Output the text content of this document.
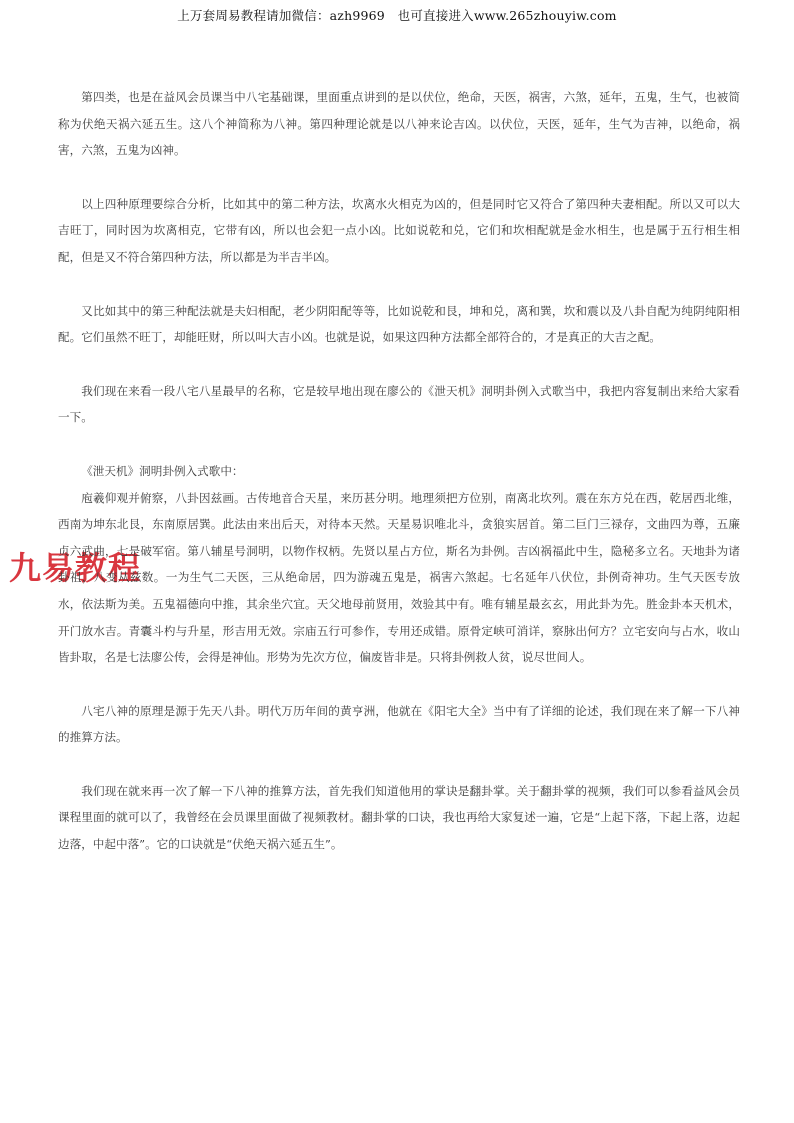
上万套周易教程请加微信：azh9969　也可直接进入www.265zhouyiw.com
九易教程

第四类，也是在益风会员课当中八宅基础课，里面重点讲到的是以伏位，绝命，天医，祸害，六煞，延年，五鬼，生气，也被简称为伏绝天祸六延五生。这八个神简称为八神。第四种理论就是以八神来论吉凶。以伏位，天医，延年，生气为吉神，以绝命，祸害，六煞，五鬼为凶神。

以上四种原理要综合分析，比如其中的第二种方法，坎离水火相克为凶的，但是同时它又符合了第四种夫妻相配。所以又可以大吉旺丁，同时因为坎离相克，它带有凶，所以也会犯一点小凶。比如说乾和兑，它们和坎相配就是金水相生，也是属于五行相生相配，但是又不符合第四种方法，所以都是为半吉半凶。

又比如其中的第三种配法就是夫妇相配，老少阴阳配等等，比如说乾和艮，坤和兑，离和巽，坎和震以及八卦自配为纯阴纯阳相配。它们虽然不旺丁，却能旺财，所以叫大吉小凶。也就是说，如果这四种方法都全部符合的，才是真正的大吉之配。

我们现在来看一段八宅八星最早的名称，它是较早地出现在廖公的《泄天机》洞明卦例入式歌当中，我把内容复制出来给大家看一下。

《泄天机》洞明卦例入式歌中：

庖羲仰观并俯察，八卦因兹画。古传地音合天星，来历甚分明。地理须把方位别，南离北坎列。震在东方兑在西，乾居西北维，西南为坤东北艮，东南原居巽。此法由来出后天，对待本天然。天星易识唯北斗，贪狼实居首。第二巨门三禄存，文曲四为尊，五廉贞六武曲，七是破军宿。第八辅星号洞明，以物作权柄。先贤以星占方位，斯名为卦例。吉凶祸福此中生，隐秘多立名。天地卦为诸卦祖，八变从兹数。一为生气二天医，三从绝命居，四为游魂五鬼是，祸害六煞起。七名延年八伏位，卦例奇神功。生气天医专放水，依法斯为美。五鬼福德向中推，其余坐穴宜。天父地母前贤用，效验其中有。唯有辅星最玄玄，用此卦为先。胜金卦本天机术，开门放水吉。青囊斗杓与升星，形吉用无效。宗庙五行可参作，专用还成错。原骨定峡可消详，察脉出何方？立宅安向与占水，收山皆卦取，名是七法廖公传，会得是神仙。形势为先次方位，偏废皆非是。只将卦例救人贫，说尽世间人。

八宅八神的原理是源于先天八卦。明代万历年间的黄亨洲，他就在《阳宅大全》当中有了详细的论述，我们现在来了解一下八神的推算方法。

我们现在就来再一次了解一下八神的推算方法，首先我们知道他用的掌诀是翻卦掌。关于翻卦掌的视频，我们可以参看益风会员课程里面的就可以了，我曾经在会员课里面做了视频教材。翻卦掌的口诀，我也再给大家复述一遍，它是“上起下落，下起上落，边起边落，中起中落”。它的口诀就是“伏绝天祸六延五生”。
